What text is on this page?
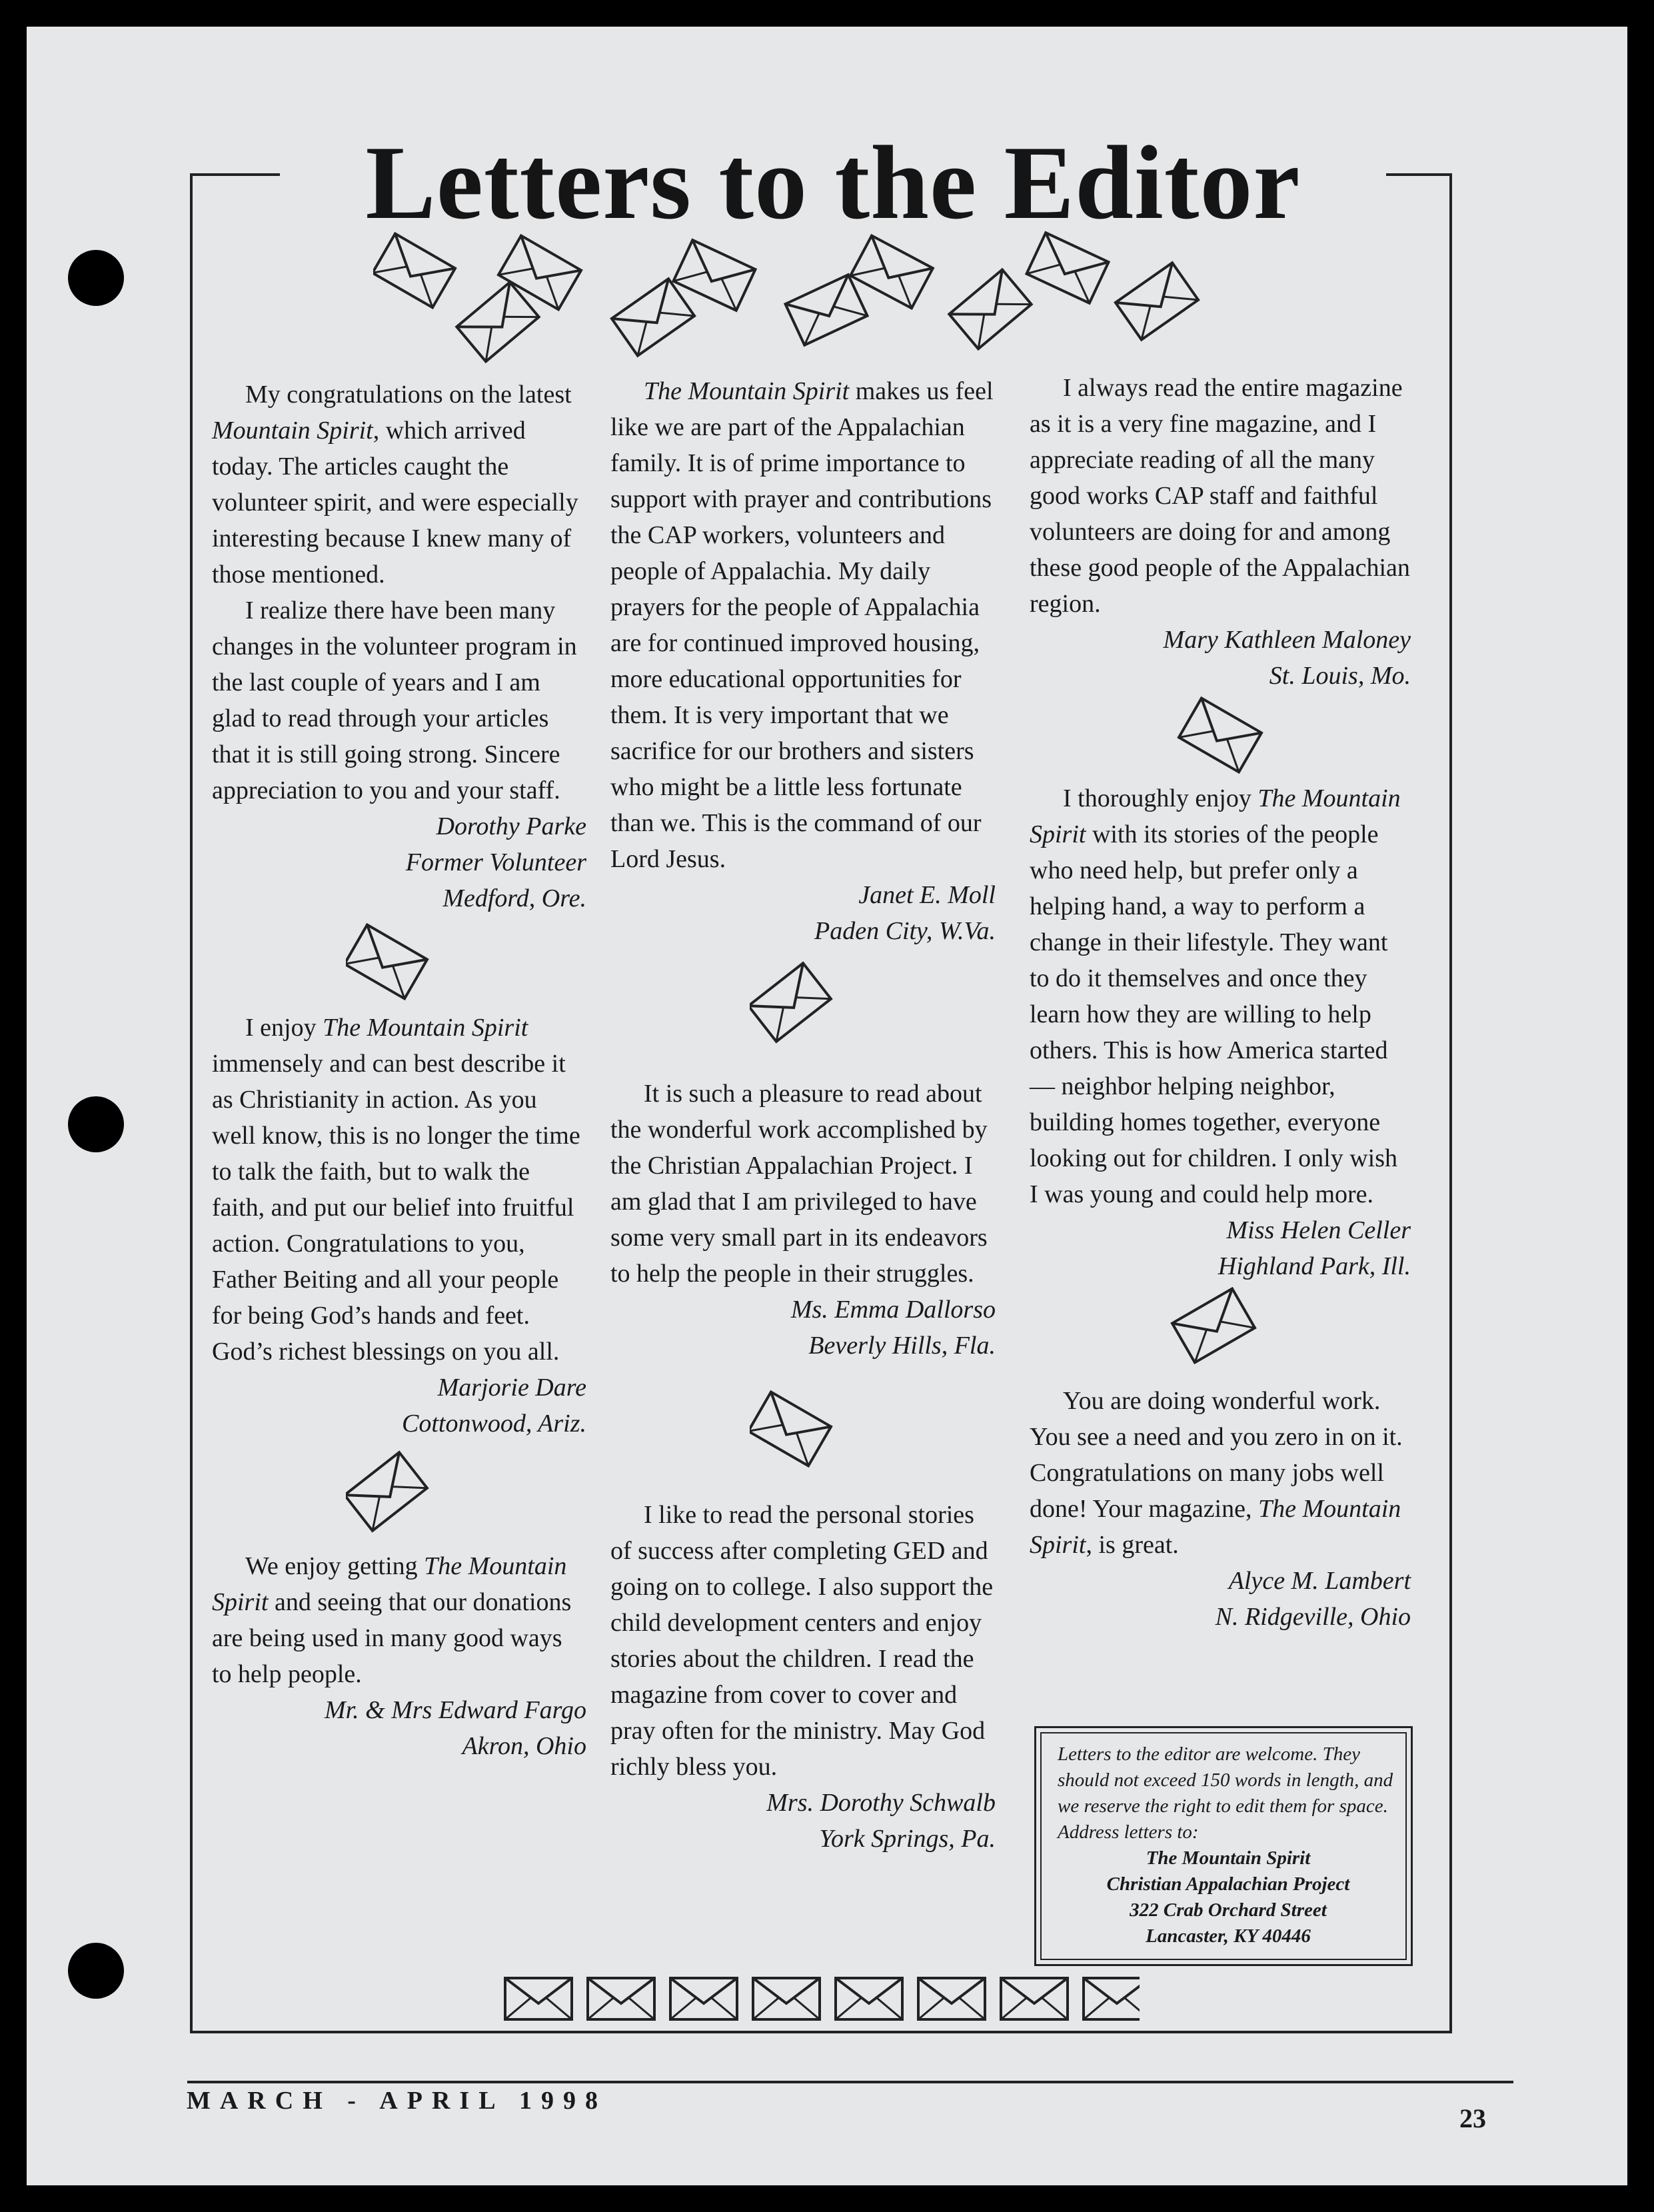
Letters to the Editor

My congratulations on the latest Mountain Spirit, which arrived today. The articles caught the volunteer spirit, and were especially interesting because I knew many of those mentioned.

I realize there have been many changes in the volunteer program in the last couple of years and I am glad to read through your articles that it is still going strong. Sincere appreciation to you and your staff.

Dorothy Parke

Former Volunteer

Medford, Ore.

I enjoy The Mountain Spirit immensely and can best describe it as Christianity in action. As you well know, this is no longer the time to talk the faith, but to walk the faith, and put our belief into fruitful action. Congratulations to you, Father Beiting and all your people for being God’s hands and feet. God’s richest blessings on you all.

Marjorie Dare

Cottonwood, Ariz.

We enjoy getting The Mountain Spirit and seeing that our donations are being used in many good ways to help people.

Mr. & Mrs Edward Fargo

Akron, Ohio

The Mountain Spirit makes us feel like we are part of the Appalachian family. It is of prime importance to support with prayer and contributions the CAP workers, volunteers and people of Appalachia. My daily prayers for the people of Appalachia are for continued improved housing, more educational opportunities for them. It is very important that we sacrifice for our brothers and sisters who might be a little less fortunate than we. This is the command of our Lord Jesus.

Janet E. Moll

Paden City, W.Va.

It is such a pleasure to read about the wonderful work accomplished by the Christian Appalachian Project. I am glad that I am privileged to have some very small part in its endeavors to help the people in their struggles.

Ms. Emma Dallorso

Beverly Hills, Fla.

I like to read the personal stories of success after completing GED and going on to college. I also support the child development centers and enjoy stories about the children. I read the magazine from cover to cover and pray often for the ministry. May God richly bless you.

Mrs. Dorothy Schwalb

York Springs, Pa.

I always read the entire magazine as it is a very fine magazine, and I appreciate reading of all the many good works CAP staff and faithful volunteers are doing for and among these good people of the Appalachian region.

Mary Kathleen Maloney

St. Louis, Mo.

I thoroughly enjoy The Mountain Spirit with its stories of the people who need help, but prefer only a helping hand, a way to perform a change in their lifestyle. They want to do it themselves and once they learn how they are willing to help others. This is how America started — neighbor helping neighbor, building homes together, everyone looking out for children. I only wish I was young and could help more.

Miss Helen Celler

Highland Park, Ill.

You are doing wonderful work. You see a need and you zero in on it. Congratulations on many jobs well done! Your magazine, The Mountain Spirit, is great.

Alyce M. Lambert

N. Ridgeville, Ohio

Letters to the editor are welcome. They should not exceed 150 words in length, and we reserve the right to edit them for space. Address letters to:
The Mountain Spirit
Christian Appalachian Project
322 Crab Orchard Street
Lancaster, KY 40446
MARCH - APRIL 1998
23
